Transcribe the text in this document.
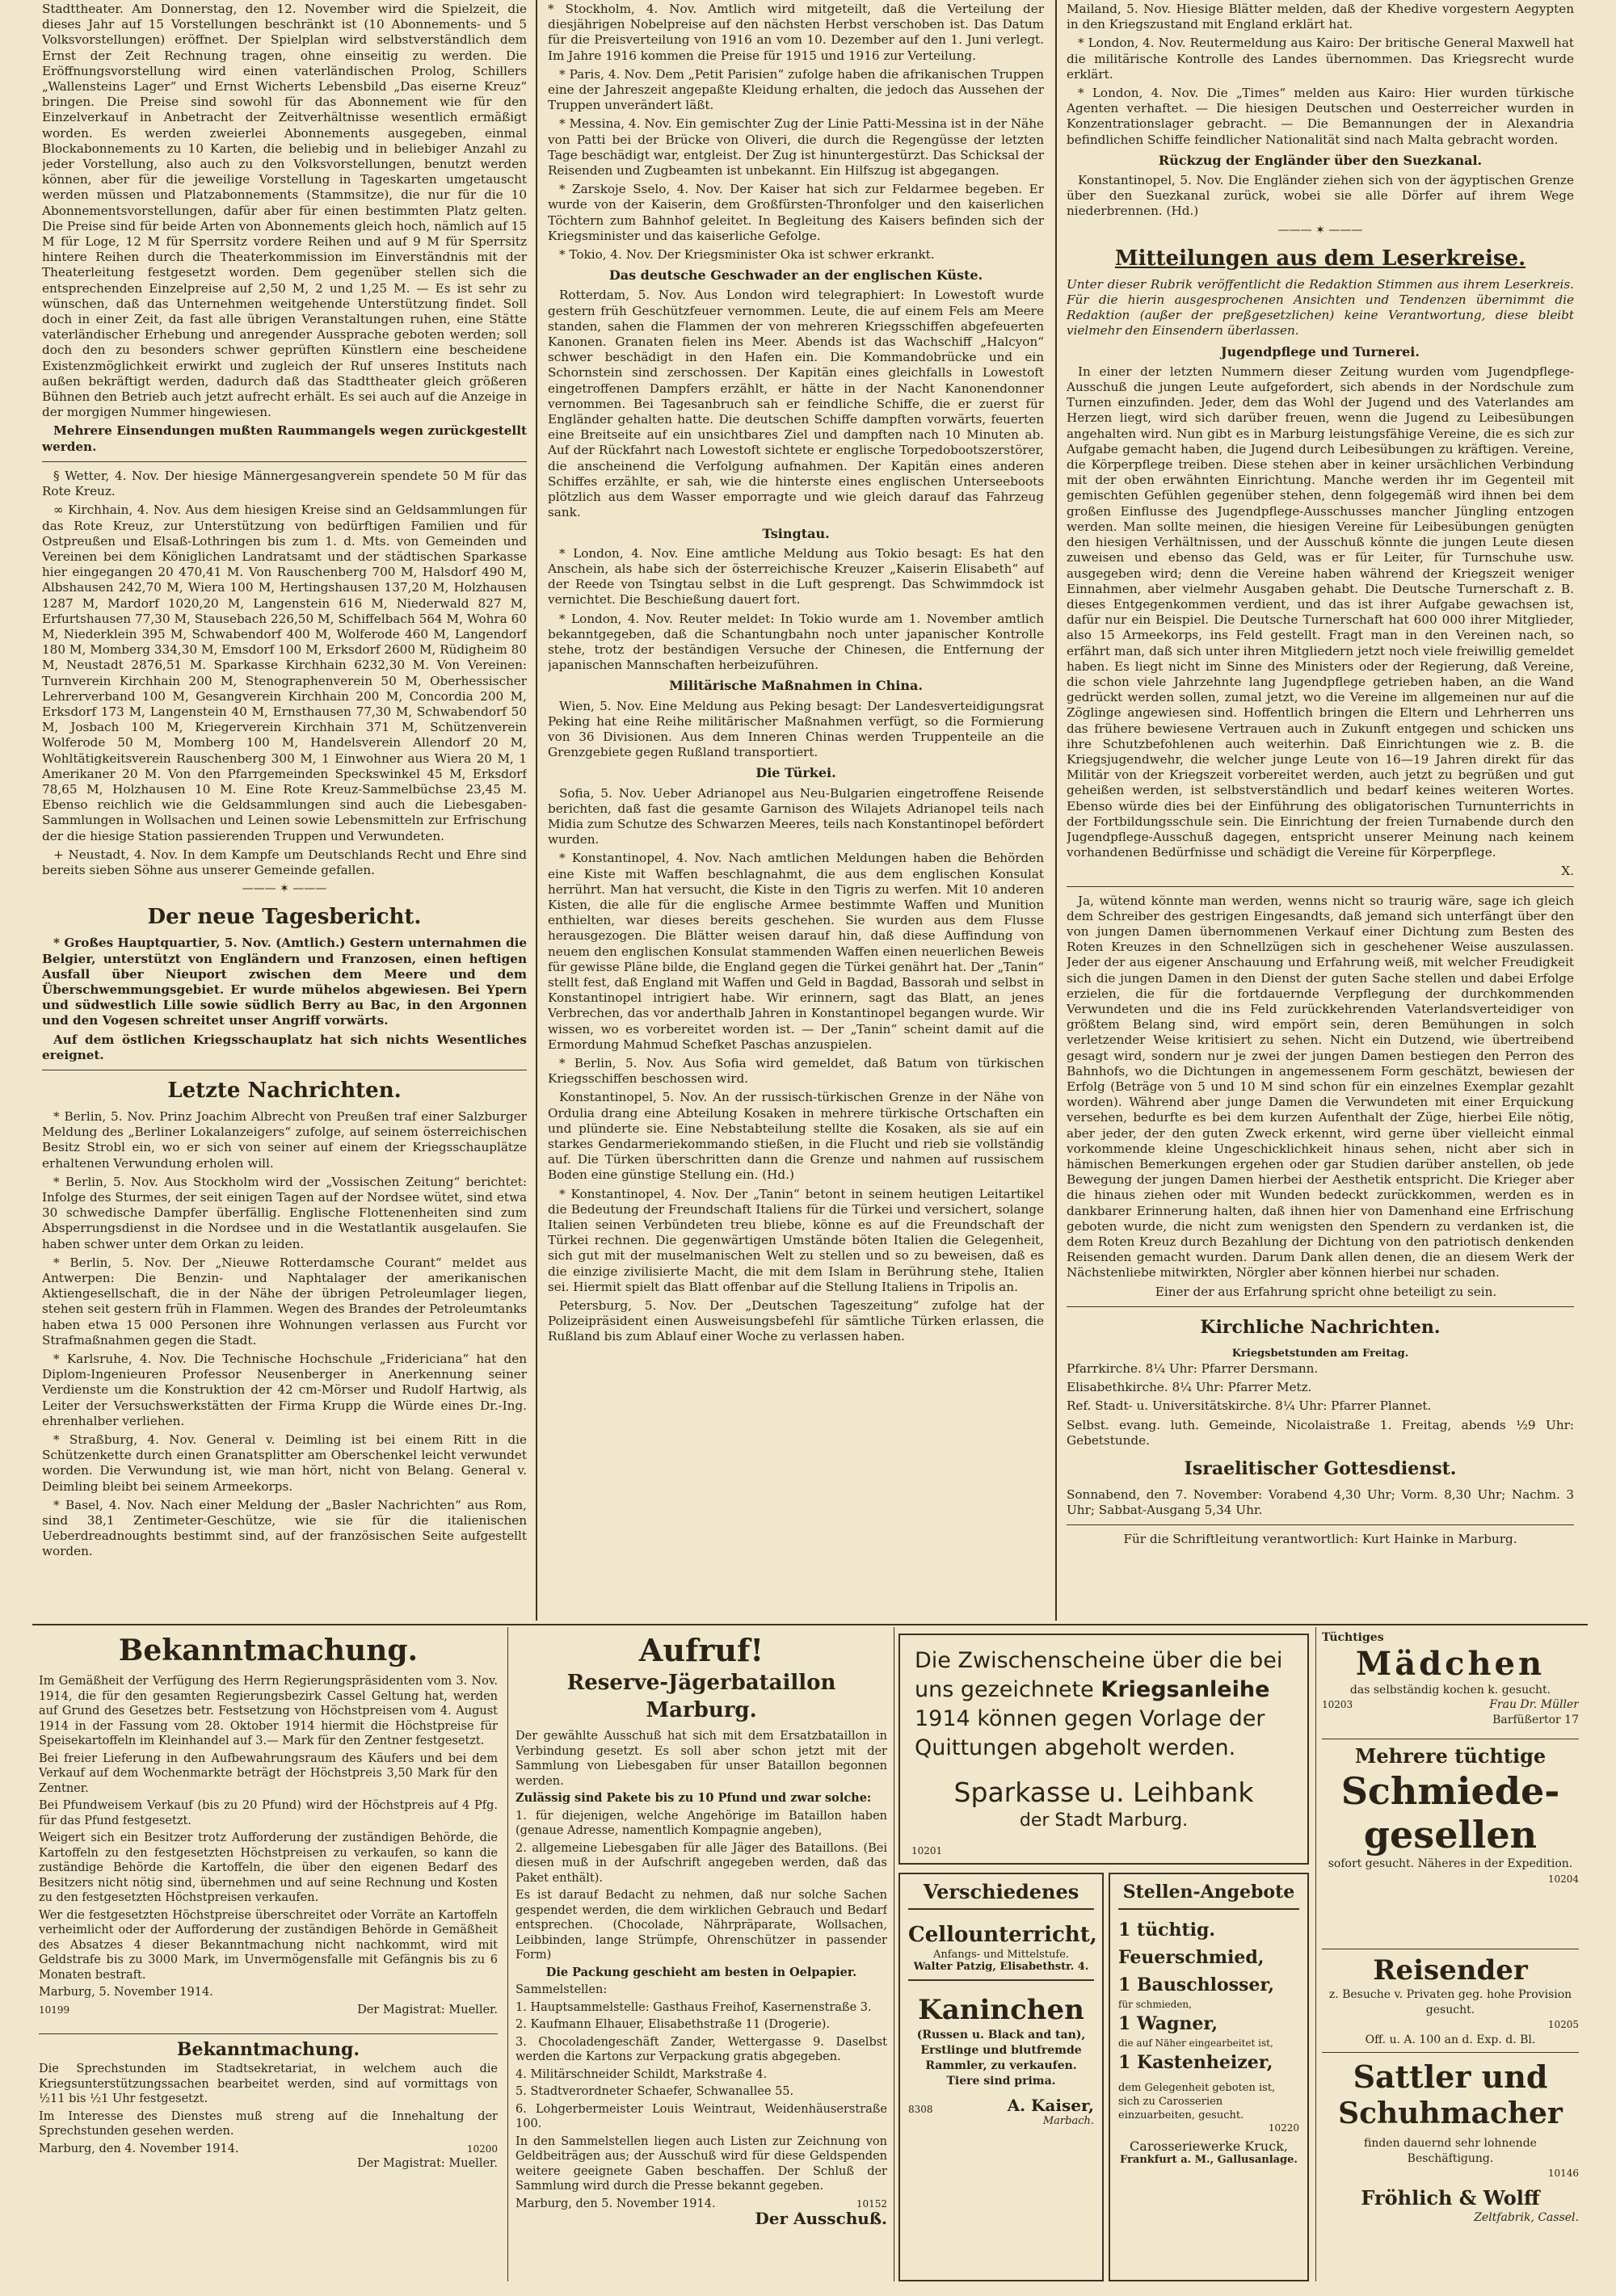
Stadttheater. Am Donnerstag, den 12. November wird die Spielzeit, die dieses Jahr auf 15 Vorstellungen beschränkt ist (10 Abonnements- und 5 Volksvorstellungen) eröffnet. Der Spielplan wird selbstverständlich dem Ernst der Zeit Rechnung tragen, ohne einseitig zu werden. Die Eröffnungsvorstellung wird einen vaterländischen Prolog, Schillers „Wallensteins Lager“ und Ernst Wicherts Lebensbild „Das eiserne Kreuz“ bringen. Die Preise sind sowohl für das Abonnement wie für den Einzelverkauf in Anbetracht der Zeitverhältnisse wesentlich ermäßigt worden. Es werden zweierlei Abonnements ausgegeben, einmal Blockabonnements zu 10 Karten, die beliebig und in beliebiger Anzahl zu jeder Vorstellung, also auch zu den Volksvorstellungen, benutzt werden können, aber für die jeweilige Vorstellung in Tageskarten umgetauscht werden müssen und Platzabonnements (Stammsitze), die nur für die 10 Abonnementsvorstellungen, dafür aber für einen bestimmten Platz gelten. Die Preise sind für beide Arten von Abonnements gleich hoch, nämlich auf 15 M für Loge, 12 M für Sperrsitz vordere Reihen und auf 9 M für Sperrsitz hintere Reihen durch die Theaterkommission im Einverständnis mit der Theaterleitung festgesetzt worden. Dem gegenüber stellen sich die entsprechenden Einzelpreise auf 2,50 M, 2 und 1,25 M. — Es ist sehr zu wünschen, daß das Unternehmen weitgehende Unterstützung findet. Soll doch in einer Zeit, da fast alle übrigen Veranstaltungen ruhen, eine Stätte vaterländischer Erhebung und anregender Aussprache geboten werden; soll doch den zu besonders schwer geprüften Künstlern eine bescheidene Existenzmöglichkeit erwirkt und zugleich der Ruf unseres Instituts nach außen bekräftigt werden, dadurch daß das Stadttheater gleich größeren Bühnen den Betrieb auch jetzt aufrecht erhält. Es sei auch auf die Anzeige in der morgigen Nummer hingewiesen.

Mehrere Einsendungen mußten Raummangels wegen zurückgestellt werden.

§ Wetter, 4. Nov. Der hiesige Männergesangverein spendete 50 M für das Rote Kreuz.

∞ Kirchhain, 4. Nov. Aus dem hiesigen Kreise sind an Geldsammlungen für das Rote Kreuz, zur Unterstützung von bedürftigen Familien und für Ostpreußen und Elsaß-Lothringen bis zum 1. d. Mts. von Gemeinden und Vereinen bei dem Königlichen Landratsamt und der städtischen Sparkasse hier eingegangen 20 470,41 M. Von Rauschenberg 700 M, Halsdorf 490 M, Albshausen 242,70 M, Wiera 100 M, Hertingshausen 137,20 M, Holzhausen 1287 M, Mardorf 1020,20 M, Langenstein 616 M, Niederwald 827 M, Erfurtshausen 77,30 M, Stausebach 226,50 M, Schiffelbach 564 M, Wohra 60 M, Niederklein 395 M, Schwabendorf 400 M, Wolferode 460 M, Langendorf 180 M, Momberg 334,30 M, Emsdorf 100 M, Erksdorf 2600 M, Rüdigheim 80 M, Neustadt 2876,51 M. Sparkasse Kirchhain 6232,30 M. Von Vereinen: Turnverein Kirchhain 200 M, Stenographenverein 50 M, Oberhessischer Lehrerverband 100 M, Gesangverein Kirchhain 200 M, Concordia 200 M, Erksdorf 173 M, Langenstein 40 M, Ernsthausen 77,30 M, Schwabendorf 50 M, Josbach 100 M, Kriegerverein Kirchhain 371 M, Schützenverein Wolferode 50 M, Momberg 100 M, Handelsverein Allendorf 20 M, Wohltätigkeitsverein Rauschenberg 300 M, 1 Einwohner aus Wiera 20 M, 1 Amerikaner 20 M. Von den Pfarrgemeinden Speckswinkel 45 M, Erksdorf 78,65 M, Holzhausen 10 M. Eine Rote Kreuz-Sammelbüchse 23,45 M. Ebenso reichlich wie die Geldsammlungen sind auch die Liebesgaben-Sammlungen in Wollsachen und Leinen sowie Lebensmitteln zur Erfrischung der die hiesige Station passierenden Truppen und Verwundeten.

+ Neustadt, 4. Nov. In dem Kampfe um Deutschlands Recht und Ehre sind bereits sieben Söhne aus unserer Gemeinde gefallen.

——— ✶ ———
Der neue Tagesbericht.

* Großes Hauptquartier, 5. Nov. (Amtlich.) Gestern unternahmen die Belgier, unterstützt von Engländern und Franzosen, einen heftigen Ausfall über Nieuport zwischen dem Meere und dem Überschwemmungsgebiet. Er wurde mühelos abgewiesen. Bei Ypern und südwestlich Lille sowie südlich Berry au Bac, in den Argonnen und den Vogesen schreitet unser Angriff vorwärts.

Auf dem östlichen Kriegsschauplatz hat sich nichts Wesentliches ereignet.

Letzte Nachrichten.

* Berlin, 5. Nov. Prinz Joachim Albrecht von Preußen traf einer Salzburger Meldung des „Berliner Lokalanzeigers“ zufolge, auf seinem österreichischen Besitz Strobl ein, wo er sich von seiner auf einem der Kriegsschauplätze erhaltenen Verwundung erholen will.

* Berlin, 5. Nov. Aus Stockholm wird der „Vossischen Zeitung“ berichtet: Infolge des Sturmes, der seit einigen Tagen auf der Nordsee wütet, sind etwa 30 schwedische Dampfer überfällig. Englische Flottenenheiten sind zum Absperrungsdienst in die Nordsee und in die Westatlantik ausgelaufen. Sie haben schwer unter dem Orkan zu leiden.

* Berlin, 5. Nov. Der „Nieuwe Rotterdamsche Courant“ meldet aus Antwerpen: Die Benzin- und Naphtalager der amerikanischen Aktiengesellschaft, die in der Nähe der übrigen Petroleumlager liegen, stehen seit gestern früh in Flammen. Wegen des Brandes der Petroleumtanks haben etwa 15 000 Personen ihre Wohnungen verlassen aus Furcht vor Strafmaßnahmen gegen die Stadt.

* Karlsruhe, 4. Nov. Die Technische Hochschule „Fridericiana“ hat den Diplom-Ingenieuren Professor Neusenberger in Anerkennung seiner Verdienste um die Konstruktion der 42 cm-Mörser und Rudolf Hartwig, als Leiter der Versuchswerkstätten der Firma Krupp die Würde eines Dr.-Ing. ehrenhalber verliehen.

* Straßburg, 4. Nov. General v. Deimling ist bei einem Ritt in die Schützenkette durch einen Granatsplitter am Oberschenkel leicht verwundet worden. Die Verwundung ist, wie man hört, nicht von Belang. General v. Deimling bleibt bei seinem Armeekorps.

* Basel, 4. Nov. Nach einer Meldung der „Basler Nachrichten“ aus Rom, sind 38,1 Zentimeter-Geschütze, wie sie für die italienischen Ueberdreadnoughts bestimmt sind, auf der französischen Seite aufgestellt worden.

* Stockholm, 4. Nov. Amtlich wird mitgeteilt, daß die Verteilung der diesjährigen Nobelpreise auf den nächsten Herbst verschoben ist. Das Datum für die Preisverteilung von 1916 an vom 10. Dezember auf den 1. Juni verlegt. Im Jahre 1916 kommen die Preise für 1915 und 1916 zur Verteilung.

* Paris, 4. Nov. Dem „Petit Parisien“ zufolge haben die afrikanischen Truppen eine der Jahreszeit angepaßte Kleidung erhalten, die jedoch das Aussehen der Truppen unverändert läßt.

* Messina, 4. Nov. Ein gemischter Zug der Linie Patti-Messina ist in der Nähe von Patti bei der Brücke von Oliveri, die durch die Regengüsse der letzten Tage beschädigt war, entgleist. Der Zug ist hinuntergestürzt. Das Schicksal der Reisenden und Zugbeamten ist unbekannt. Ein Hilfszug ist abgegangen.

* Zarskoje Sselo, 4. Nov. Der Kaiser hat sich zur Feldarmee begeben. Er wurde von der Kaiserin, dem Großfürsten-Thronfolger und den kaiserlichen Töchtern zum Bahnhof geleitet. In Begleitung des Kaisers befinden sich der Kriegsminister und das kaiserliche Gefolge.

* Tokio, 4. Nov. Der Kriegsminister Oka ist schwer erkrankt.

Das deutsche Geschwader an der englischen Küste.

Rotterdam, 5. Nov. Aus London wird telegraphiert: In Lowestoft wurde gestern früh Geschützfeuer vernommen. Leute, die auf einem Fels am Meere standen, sahen die Flammen der von mehreren Kriegsschiffen abgefeuerten Kanonen. Granaten fielen ins Meer. Abends ist das Wachschiff „Halcyon“ schwer beschädigt in den Hafen ein. Die Kommandobrücke und ein Schornstein sind zerschossen. Der Kapitän eines gleichfalls in Lowestoft eingetroffenen Dampfers erzählt, er hätte in der Nacht Kanonendonner vernommen. Bei Tagesanbruch sah er feindliche Schiffe, die er zuerst für Engländer gehalten hatte. Die deutschen Schiffe dampften vorwärts, feuerten eine Breitseite auf ein unsichtbares Ziel und dampften nach 10 Minuten ab. Auf der Rückfahrt nach Lowestoft sichtete er englische Torpedobootszerstörer, die anscheinend die Verfolgung aufnahmen. Der Kapitän eines anderen Schiffes erzählte, er sah, wie die hinterste eines englischen Unterseeboots plötzlich aus dem Wasser emporragte und wie gleich darauf das Fahrzeug sank.

Tsingtau.

* London, 4. Nov. Eine amtliche Meldung aus Tokio besagt: Es hat den Anschein, als habe sich der österreichische Kreuzer „Kaiserin Elisabeth“ auf der Reede von Tsingtau selbst in die Luft gesprengt. Das Schwimmdock ist vernichtet. Die Beschießung dauert fort.

* London, 4. Nov. Reuter meldet: In Tokio wurde am 1. November amtlich bekanntgegeben, daß die Schantungbahn noch unter japanischer Kontrolle stehe, trotz der beständigen Versuche der Chinesen, die Entfernung der japanischen Mannschaften herbeizuführen.

Militärische Maßnahmen in China.

Wien, 5. Nov. Eine Meldung aus Peking besagt: Der Landesverteidigungsrat Peking hat eine Reihe militärischer Maßnahmen verfügt, so die Formierung von 36 Divisionen. Aus dem Inneren Chinas werden Truppenteile an die Grenzgebiete gegen Rußland transportiert.

Die Türkei.

Sofia, 5. Nov. Ueber Adrianopel aus Neu-Bulgarien eingetroffene Reisende berichten, daß fast die gesamte Garnison des Wilajets Adrianopel teils nach Midia zum Schutze des Schwarzen Meeres, teils nach Konstantinopel befördert wurden.

* Konstantinopel, 4. Nov. Nach amtlichen Meldungen haben die Behörden eine Kiste mit Waffen beschlagnahmt, die aus dem englischen Konsulat herrührt. Man hat versucht, die Kiste in den Tigris zu werfen. Mit 10 anderen Kisten, die alle für die englische Armee bestimmte Waffen und Munition enthielten, war dieses bereits geschehen. Sie wurden aus dem Flusse herausgezogen. Die Blätter weisen darauf hin, daß diese Auffindung von neuem den englischen Konsulat stammenden Waffen einen neuerlichen Beweis für gewisse Pläne bilde, die England gegen die Türkei genährt hat. Der „Tanin“ stellt fest, daß England mit Waffen und Geld in Bagdad, Bassorah und selbst in Konstantinopel intrigiert habe. Wir erinnern, sagt das Blatt, an jenes Verbrechen, das vor anderthalb Jahren in Konstantinopel begangen wurde. Wir wissen, wo es vorbereitet worden ist. — Der „Tanin“ scheint damit auf die Ermordung Mahmud Schefket Paschas anzuspielen.

* Berlin, 5. Nov. Aus Sofia wird gemeldet, daß Batum von türkischen Kriegsschiffen beschossen wird.

Konstantinopel, 5. Nov. An der russisch-türkischen Grenze in der Nähe von Ordulia drang eine Abteilung Kosaken in mehrere türkische Ortschaften ein und plünderte sie. Eine Nebstabteilung stellte die Kosaken, als sie auf ein starkes Gendarmeriekommando stießen, in die Flucht und rieb sie vollständig auf. Die Türken überschritten dann die Grenze und nahmen auf russischem Boden eine günstige Stellung ein. (Hd.)

* Konstantinopel, 4. Nov. Der „Tanin“ betont in seinem heutigen Leitartikel die Bedeutung der Freundschaft Italiens für die Türkei und versichert, solange Italien seinen Verbündeten treu bliebe, könne es auf die Freundschaft der Türkei rechnen. Die gegenwärtigen Umstände böten Italien die Gelegenheit, sich gut mit der muselmanischen Welt zu stellen und so zu beweisen, daß es die einzige zivilisierte Macht, die mit dem Islam in Berührung stehe, Italien sei. Hiermit spielt das Blatt offenbar auf die Stellung Italiens in Tripolis an.

Petersburg, 5. Nov. Der „Deutschen Tageszeitung“ zufolge hat der Polizeipräsident einen Ausweisungsbefehl für sämtliche Türken erlassen, die Rußland bis zum Ablauf einer Woche zu verlassen haben.

Mailand, 5. Nov. Hiesige Blätter melden, daß der Khedive vorgestern Aegypten in den Kriegszustand mit England erklärt hat.

* London, 4. Nov. Reutermeldung aus Kairo: Der britische General Maxwell hat die militärische Kontrolle des Landes übernommen. Das Kriegsrecht wurde erklärt.

* London, 4. Nov. Die „Times“ melden aus Kairo: Hier wurden türkische Agenten verhaftet. — Die hiesigen Deutschen und Oesterreicher wurden in Konzentrationslager gebracht. — Die Bemannungen der in Alexandria befindlichen Schiffe feindlicher Nationalität sind nach Malta gebracht worden.

Rückzug der Engländer über den Suezkanal.

Konstantinopel, 5. Nov. Die Engländer ziehen sich von der ägyptischen Grenze über den Suezkanal zurück, wobei sie alle Dörfer auf ihrem Wege niederbrennen. (Hd.)

——— ✶ ———
Mitteilungen aus dem Leserkreise.

Unter dieser Rubrik veröffentlicht die Redaktion Stimmen aus ihrem Leserkreis. Für die hierin ausgesprochenen Ansichten und Tendenzen übernimmt die Redaktion (außer der preßgesetzlichen) keine Verantwortung, diese bleibt vielmehr den Einsendern überlassen.

Jugendpflege und Turnerei.

In einer der letzten Nummern dieser Zeitung wurden vom Jugendpflege-Ausschuß die jungen Leute aufgefordert, sich abends in der Nordschule zum Turnen einzufinden. Jeder, dem das Wohl der Jugend und des Vaterlandes am Herzen liegt, wird sich darüber freuen, wenn die Jugend zu Leibesübungen angehalten wird. Nun gibt es in Marburg leistungsfähige Vereine, die es sich zur Aufgabe gemacht haben, die Jugend durch Leibesübungen zu kräftigen. Vereine, die Körperpflege treiben. Diese stehen aber in keiner ursächlichen Verbindung mit der oben erwähnten Einrichtung. Manche werden ihr im Gegenteil mit gemischten Gefühlen gegenüber stehen, denn folgegemäß wird ihnen bei dem großen Einflusse des Jugendpflege-Ausschusses mancher Jüngling entzogen werden. Man sollte meinen, die hiesigen Vereine für Leibesübungen genügten den hiesigen Verhältnissen, und der Ausschuß könnte die jungen Leute diesen zuweisen und ebenso das Geld, was er für Leiter, für Turnschuhe usw. ausgegeben wird; denn die Vereine haben während der Kriegszeit weniger Einnahmen, aber vielmehr Ausgaben gehabt. Die Deutsche Turnerschaft z. B. dieses Entgegenkommen verdient, und das ist ihrer Aufgabe gewachsen ist, dafür nur ein Beispiel. Die Deutsche Turnerschaft hat 600 000 ihrer Mitglieder, also 15 Armeekorps, ins Feld gestellt. Fragt man in den Vereinen nach, so erfährt man, daß sich unter ihren Mitgliedern jetzt noch viele freiwillig gemeldet haben. Es liegt nicht im Sinne des Ministers oder der Regierung, daß Vereine, die schon viele Jahrzehnte lang Jugendpflege getrieben haben, an die Wand gedrückt werden sollen, zumal jetzt, wo die Vereine im allgemeinen nur auf die Zöglinge angewiesen sind. Hoffentlich bringen die Eltern und Lehrherren uns das frühere bewiesene Vertrauen auch in Zukunft entgegen und schicken uns ihre Schutzbefohlenen auch weiterhin. Daß Einrichtungen wie z. B. die Kriegsjugendwehr, die welcher junge Leute von 16—19 Jahren direkt für das Militär von der Kriegszeit vorbereitet werden, auch jetzt zu begrüßen und gut geheißen werden, ist selbstverständlich und bedarf keines weiteren Wortes. Ebenso würde dies bei der Einführung des obligatorischen Turnunterrichts in der Fortbildungsschule sein. Die Einrichtung der freien Turnabende durch den Jugendpflege-Ausschuß dagegen, entspricht unserer Meinung nach keinem vorhandenen Bedürfnisse und schädigt die Vereine für Körperpflege.

X.

Ja, wütend könnte man werden, wenns nicht so traurig wäre, sage ich gleich dem Schreiber des gestrigen Eingesandts, daß jemand sich unterfängt über den von jungen Damen übernommenen Verkauf einer Dichtung zum Besten des Roten Kreuzes in den Schnellzügen sich in geschehener Weise auszulassen. Jeder der aus eigener Anschauung und Erfahrung weiß, mit welcher Freudigkeit sich die jungen Damen in den Dienst der guten Sache stellen und dabei Erfolge erzielen, die für die fortdauernde Verpflegung der durchkommenden Verwundeten und die ins Feld zurückkehrenden Vaterlandsverteidiger von größtem Belang sind, wird empört sein, deren Bemühungen in solch verletzender Weise kritisiert zu sehen. Nicht ein Dutzend, wie übertreibend gesagt wird, sondern nur je zwei der jungen Damen bestiegen den Perron des Bahnhofs, wo die Dichtungen in angemessenem Form geschätzt, bewiesen der Erfolg (Beträge von 5 und 10 M sind schon für ein einzelnes Exemplar gezahlt worden). Während aber junge Damen die Verwundeten mit einer Erquickung versehen, bedurfte es bei dem kurzen Aufenthalt der Züge, hierbei Eile nötig, aber jeder, der den guten Zweck erkennt, wird gerne über vielleicht einmal vorkommende kleine Ungeschicklichkeit hinaus sehen, nicht aber sich in hämischen Bemerkungen ergehen oder gar Studien darüber anstellen, ob jede Bewegung der jungen Damen hierbei der Aesthetik entspricht. Die Krieger aber die hinaus ziehen oder mit Wunden bedeckt zurückkommen, werden es in dankbarer Erinnerung halten, daß ihnen hier von Damenhand eine Erfrischung geboten wurde, die nicht zum wenigsten den Spendern zu verdanken ist, die dem Roten Kreuz durch Bezahlung der Dichtung von den patriotisch denkenden Reisenden gemacht wurden. Darum Dank allen denen, die an diesem Werk der Nächstenliebe mitwirkten, Nörgler aber können hierbei nur schaden.

Einer der aus Erfahrung spricht ohne beteiligt zu sein.

Kirchliche Nachrichten.
Kriegsbetstunden am Freitag.

Pfarrkirche. 8¼ Uhr: Pfarrer Dersmann.

Elisabethkirche. 8¼ Uhr: Pfarrer Metz.

Ref. Stadt- u. Universitätskirche. 8¼ Uhr: Pfarrer Plannet.

Selbst. evang. luth. Gemeinde, Nicolaistraße 1. Freitag, abends ½9 Uhr: Gebetstunde.

Israelitischer Gottesdienst.

Sonnabend, den 7. November: Vorabend 4,30 Uhr; Vorm. 8,30 Uhr; Nachm. 3 Uhr; Sabbat-Ausgang 5,34 Uhr.

Für die Schriftleitung verantwortlich: Kurt Hainke in Marburg.

Bekanntmachung.

Im Gemäßheit der Verfügung des Herrn Regierungspräsidenten vom 3. Nov. 1914, die für den gesamten Regierungsbezirk Cassel Geltung hat, werden auf Grund des Gesetzes betr. Festsetzung von Höchstpreisen vom 4. August 1914 in der Fassung vom 28. Oktober 1914 hiermit die Höchstpreise für Speisekartoffeln im Kleinhandel auf 3.— Mark für den Zentner festgesetzt.

Bei freier Lieferung in den Aufbewahrungsraum des Käufers und bei dem Verkauf auf dem Wochenmarkte beträgt der Höchstpreis 3,50 Mark für den Zentner.

Bei Pfundweisem Verkauf (bis zu 20 Pfund) wird der Höchstpreis auf 4 Pfg. für das Pfund festgesetzt.

Weigert sich ein Besitzer trotz Aufforderung der zuständigen Behörde, die Kartoffeln zu den festgesetzten Höchstpreisen zu verkaufen, so kann die zuständige Behörde die Kartoffeln, die über den eigenen Bedarf des Besitzers nicht nötig sind, übernehmen und auf seine Rechnung und Kosten zu den festgesetzten Höchstpreisen verkaufen.

Wer die festgesetzten Höchstpreise überschreitet oder Vorräte an Kartoffeln verheimlicht oder der Aufforderung der zuständigen Behörde in Gemäßheit des Absatzes 4 dieser Bekanntmachung nicht nachkommt, wird mit Geldstrafe bis zu 3000 Mark, im Unvermögensfalle mit Gefängnis bis zu 6 Monaten bestraft.

Marburg, 5. November 1914.

10199	Der Magistrat: Mueller.
Bekanntmachung.

Die Sprechstunden im Stadtsekretariat, in welchem auch die Kriegsunterstützungssachen bearbeitet werden, sind auf vormittags von ½11 bis ½1 Uhr festgesetzt.

Im Interesse des Dienstes muß streng auf die Innehaltung der Sprechstunden gesehen werden.

Marburg, den 4. November 1914.	10200

Der Magistrat: Mueller.

Aufruf!
Reserve-Jägerbataillon Marburg.

Der gewählte Ausschuß hat sich mit dem Ersatzbataillon in Verbindung gesetzt. Es soll aber schon jetzt mit der Sammlung von Liebesgaben für unser Bataillon begonnen werden.

Zulässig sind Pakete bis zu 10 Pfund und zwar solche:

1. für diejenigen, welche Angehörige im Bataillon haben (genaue Adresse, namentlich Kompagnie angeben),

2. allgemeine Liebesgaben für alle Jäger des Bataillons. (Bei diesen muß in der Aufschrift angegeben werden, daß das Paket enthält).

Es ist darauf Bedacht zu nehmen, daß nur solche Sachen gespendet werden, die dem wirklichen Gebrauch und Bedarf entsprechen. (Chocolade, Nährpräparate, Wollsachen, Leibbinden, lange Strümpfe, Ohrenschützer in passender Form)

Die Packung geschieht am besten in Oelpapier.

Sammelstellen:

1. Hauptsammelstelle: Gasthaus Freihof, Kasernenstraße 3.

2. Kaufmann Elhauer, Elisabethstraße 11 (Drogerie).

3. Chocoladengeschäft Zander, Wettergasse 9. Daselbst werden die Kartons zur Verpackung gratis abgegeben.

4. Militärschneider Schildt, Markstraße 4.

5. Stadtverordneter Schaefer, Schwanallee 55.

6. Lohgerbermeister Louis Weintraut, Weidenhäuserstraße 100.

In den Sammelstellen liegen auch Listen zur Zeichnung von Geldbeiträgen aus; der Ausschuß wird für diese Geldspenden weitere geeignete Gaben beschaffen. Der Schluß der Sammlung wird durch die Presse bekannt gegeben.

Marburg, den 5. November 1914.	10152

Der Ausschuß.

Die Zwischenscheine über die bei uns gezeichnete Kriegsanleihe 1914 können gegen Vorlage der Quittungen abgeholt werden.
Sparkasse u. Leihbank
der Stadt Marburg.
10201
Verschiedenes
Cellounterricht,
Anfangs- und Mittelstufe.
Walter Patzig, Elisabethstr. 4.
Kaninchen
(Russen u. Black and tan), Erstlinge und blutfremde Rammler, zu verkaufen. Tiere sind prima.
8308	A. Kaiser,
Marbach.
Stellen-Angebote
1 tüchtig. Feuerschmied,
1 Bauschlosser,
für schmieden,
1 Wagner,
die auf Näher eingearbeitet ist,
1 Kastenheizer,
dem Gelegenheit geboten ist, sich zu Carosserien einzuarbeiten, gesucht.
10220
Carosseriewerke Kruck,
Frankfurt a. M., Gallusanlage.
Tüchtiges
Mädchen
das selbständig kochen k. gesucht.
10203	Frau Dr. Müller
Barfüßertor 17
Mehrere tüchtige
Schmiede-
gesellen
sofort gesucht. Näheres in der Expedition.
10204
Reisender
z. Besuche v. Privaten geg. hohe Provision gesucht.
10205
Off. u. A. 100 an d. Exp. d. Bl.
Sattler und
Schuhmacher
finden dauernd sehr lohnende Beschäftigung.
10146
Fröhlich & Wolff
Zeltfabrik, Cassel.
